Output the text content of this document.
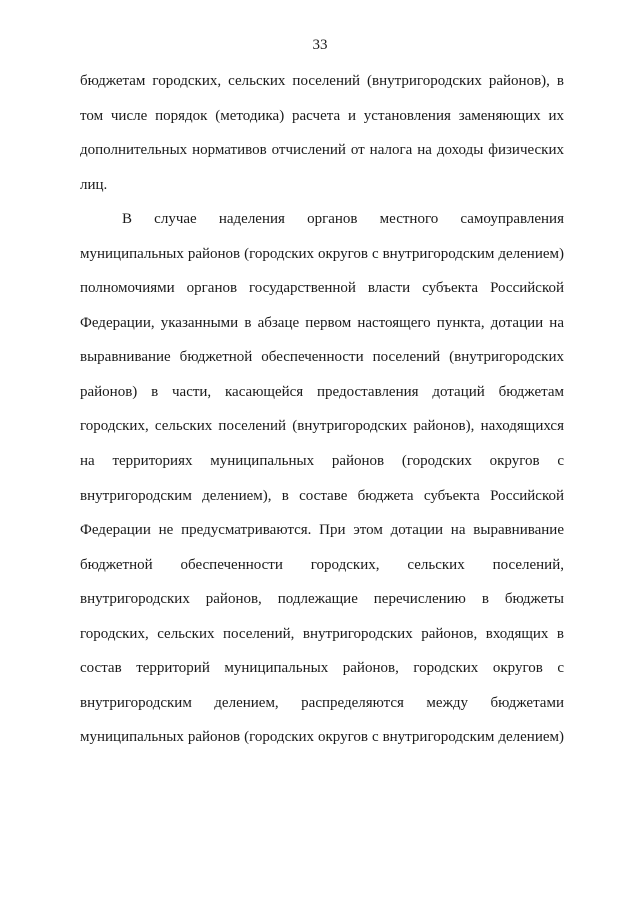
33
бюджетам городских, сельских поселений (внутригородских районов), в
том числе порядок (методика) расчета и установления заменяющих их
дополнительных нормативов отчислений от налога на доходы физических
лиц.
В случае наделения органов местного самоуправления
муниципальных районов (городских округов с внутригородским делением)
полномочиями органов государственной власти субъекта Российской
Федерации, указанными в абзаце первом настоящего пункта, дотации на
выравнивание бюджетной обеспеченности поселений (внутригородских
районов) в части, касающейся предоставления дотаций бюджетам
городских, сельских поселений (внутригородских районов), находящихся
на территориях муниципальных районов (городских округов с
внутригородским делением), в составе бюджета субъекта Российской
Федерации не предусматриваются. При этом дотации на выравнивание
бюджетной обеспеченности городских, сельских поселений,
внутригородских районов, подлежащие перечислению в бюджеты
городских, сельских поселений, внутригородских районов, входящих в
состав территорий муниципальных районов, городских округов с
внутригородским делением, распределяются между бюджетами
муниципальных районов (городских округов с внутригородским делением)
